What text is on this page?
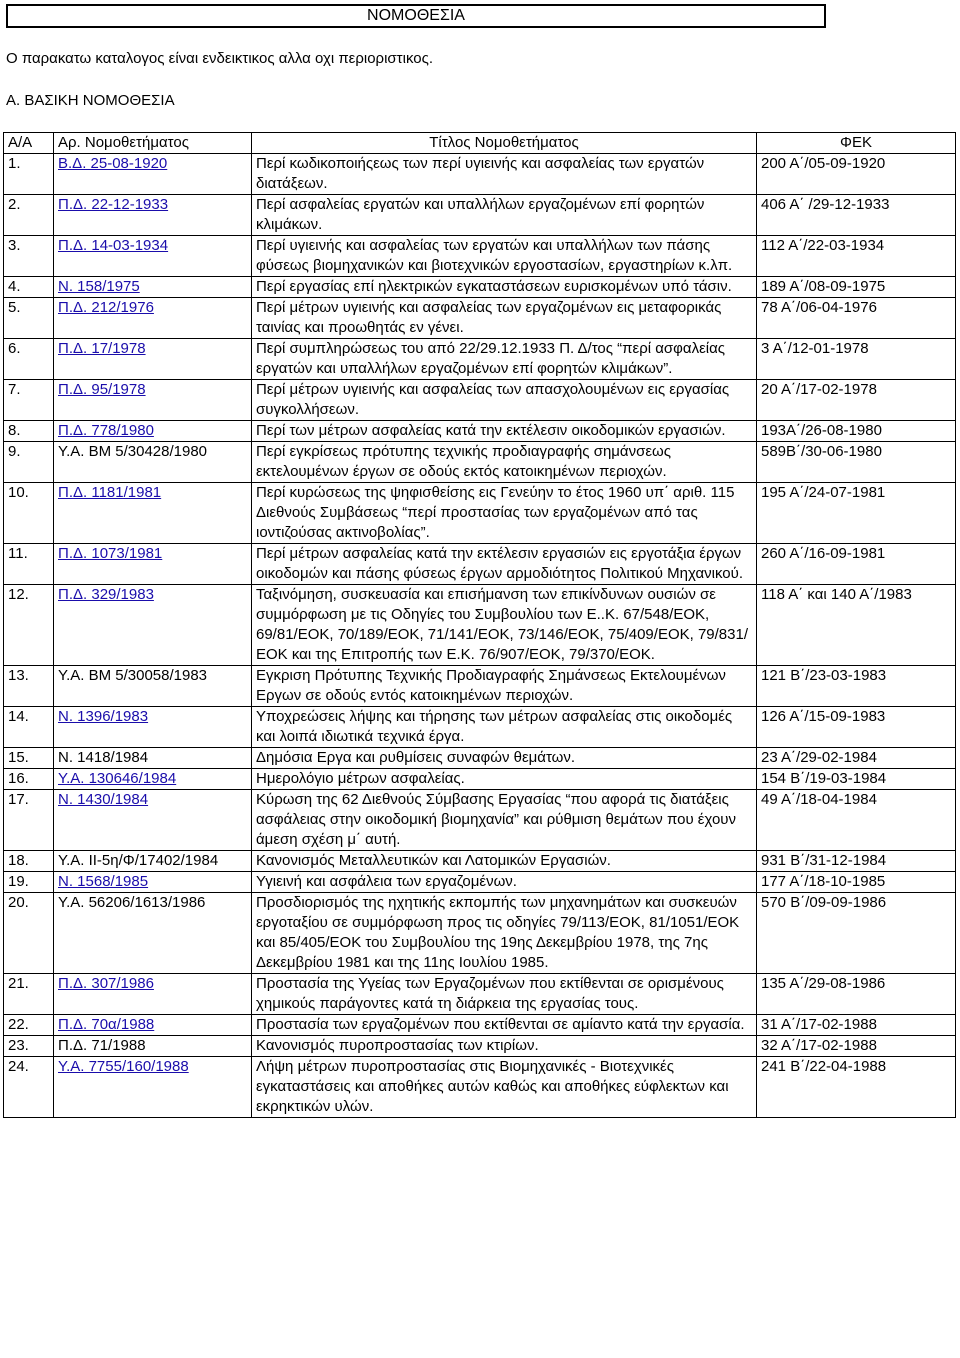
ΝΟΜΟΘΕΣΙΑ
Ο παρακατω καταλογος είναι ενδεικτικος αλλα οχι περιοριστικος.
Α. ΒΑΣΙΚΗ ΝΟΜΟΘΕΣΙΑ
Α/Α	Αρ. Νομοθετήματος	Τίτλος Νομοθετήματος	ΦΕΚ
1.	Β.Δ. 25-08-1920	Περί κωδικοποιήςεως των περί υγιεινής και ασφαλείας των εργατών διατάξεων.	200 Α΄/05-09-1920
2.	Π.Δ. 22-12-1933	Περί ασφαλείας εργατών και υπαλλήλων εργαζομένων επί φορητών κλιμάκων.	406 Α΄ /29-12-1933
3.	Π.Δ. 14-03-1934	Περί υγιεινής και ασφαλείας των εργατών και υπαλλήλων των πάσης φύσεως βιομηχανικών και βιοτεχνικών εργοστασίων, εργαστηρίων κ.λπ.	112 Α΄/22-03-1934
4.	Ν. 158/1975	Περί εργασίας επί ηλεκτρικών εγκαταστάσεων ευρισκομένων υπό τάσιν.	189 Α΄/08-09-1975
5.	Π.Δ. 212/1976	Περί μέτρων υγιεινής και ασφαλείας των εργαζομένων εις μεταφορικάς ταινίας και προωθητάς εν γένει.	78 Α΄/06-04-1976
6.	Π.Δ. 17/1978	Περί συμπληρώσεως του από 22/29.12.1933 Π. Δ/τος “περί ασφαλείας εργατών και υπαλλήλων εργαζομένων επί φορητών κλιμάκων”.	3 Α΄/12-01-1978
7.	Π.Δ. 95/1978	Περί μέτρων υγιεινής και ασφαλείας των απασχολουμένων εις εργασίας συγκολλήσεων.	20 Α΄/17-02-1978
8.	Π.Δ. 778/1980	Περί των μέτρων ασφαλείας κατά την εκτέλεσιν οικοδομικών εργασιών.	193Α΄/26-08-1980
9.	Υ.Α. ΒΜ 5/30428/1980	Περί εγκρίσεως πρότυπης τεχνικής προδιαγραφής σημάνσεως εκτελουμένων έργων σε οδούς εκτός κατοικημένων περιοχών.	589Β΄/30-06-1980
10.	Π.Δ. 1181/1981	Περί κυρώσεως της ψηφισθείσης εις Γενεύην το έτος 1960 υπ΄ αριθ. 115 Διεθνούς Συμβάσεως “περί προστασίας των εργαζομένων από τας ιοντιζούσας ακτινοβολίας”.	195 Α΄/24-07-1981
11.	Π.Δ. 1073/1981	Περί μέτρων ασφαλείας κατά την εκτέλεσιν εργασιών εις εργοτάξια έργων οικοδομών και πάσης φύσεως έργων αρμοδιότητος Πολιτικού Μηχανικού.	260 Α΄/16-09-1981
12.	Π.Δ. 329/1983	Ταξινόμηση, συσκευασία και επισήμανση των επικίνδυνων ουσιών σε συμμόρφωση με τις Οδηγίες του Συμβουλίου των Ε..Κ. 67/548/ΕΟΚ, 69/81/ΕΟΚ, 70/189/ΕΟΚ, 71/141/ΕΟΚ, 73/146/ΕΟΚ, 75/409/ΕΟΚ, 79/831/ΕΟΚ και της Επιτροπής των Ε.Κ. 76/907/ΕΟΚ, 79/370/ΕΟΚ.	118 Α΄ και 140 Α΄/1983
13.	Υ.Α. ΒΜ 5/30058/1983	Εγκριση Πρότυπης Τεχνικής Προδιαγραφής Σημάνσεως Εκτελουμένων Εργων σε οδούς εντός κατοικημένων περιοχών.	121 Β΄/23-03-1983
14.	Ν. 1396/1983	Υποχρεώσεις λήψης και τήρησης των μέτρων ασφαλείας στις οικοδομές και λοιπά ιδιωτικά τεχνικά έργα.	126 Α΄/15-09-1983
15.	Ν. 1418/1984	Δημόσια Εργα και ρυθμίσεις συναφών θεμάτων.	23 Α΄/29-02-1984
16.	Υ.Α. 130646/1984	Ημερολόγιο μέτρων ασφαλείας.	154 Β΄/19-03-1984
17.	Ν. 1430/1984	Κύρωση της 62 Διεθνούς Σύμβασης Εργασίας “που αφορά τις διατάξεις ασφάλειας στην οικοδομική βιομηχανία” και ρύθμιση θεμάτων που έχουν άμεση σχέση μ΄ αυτή.	49 Α΄/18-04-1984
18.	Υ.Α. ΙΙ-5η/Φ/17402/1984	Κανονισμός Μεταλλευτικών και Λατομικών Εργασιών.	931 Β΄/31-12-1984
19.	Ν. 1568/1985	Υγιεινή και ασφάλεια των εργαζομένων.	177 Α΄/18-10-1985
20.	Υ.Α. 56206/1613/1986	Προσδιορισμός της ηχητικής εκπομπής των μηχανημάτων και συσκευών εργοταξίου σε συμμόρφωση προς τις οδηγίες 79/113/ΕΟΚ, 81/1051/ΕΟΚ και 85/405/ΕΟΚ του Συμβουλίου της 19ης Δεκεμβρίου 1978, της 7ης Δεκεμβρίου 1981 και της 11ης Ιουλίου 1985.	570 Β΄/09-09-1986
21.	Π.Δ. 307/1986	Προστασία της Υγείας των Εργαζομένων που εκτίθενται σε ορισμένους χημικούς παράγοντες κατά τη διάρκεια της εργασίας τους.	135 Α΄/29-08-1986
22.	Π.Δ. 70α/1988	Προστασία των εργαζομένων που εκτίθενται σε αμίαντο κατά την εργασία.	31 Α΄/17-02-1988
23.	Π.Δ. 71/1988	Κανονισμός πυροπροστασίας των κτιρίων.	32 Α΄/17-02-1988
24.	Υ.Α. 7755/160/1988	Λήψη μέτρων πυροπροστασίας στις Βιομηχανικές - Βιοτεχνικές εγκαταστάσεις και αποθήκες αυτών καθώς και αποθήκες εύφλεκτων και εκρηκτικών υλών.	241 Β΄/22-04-1988
